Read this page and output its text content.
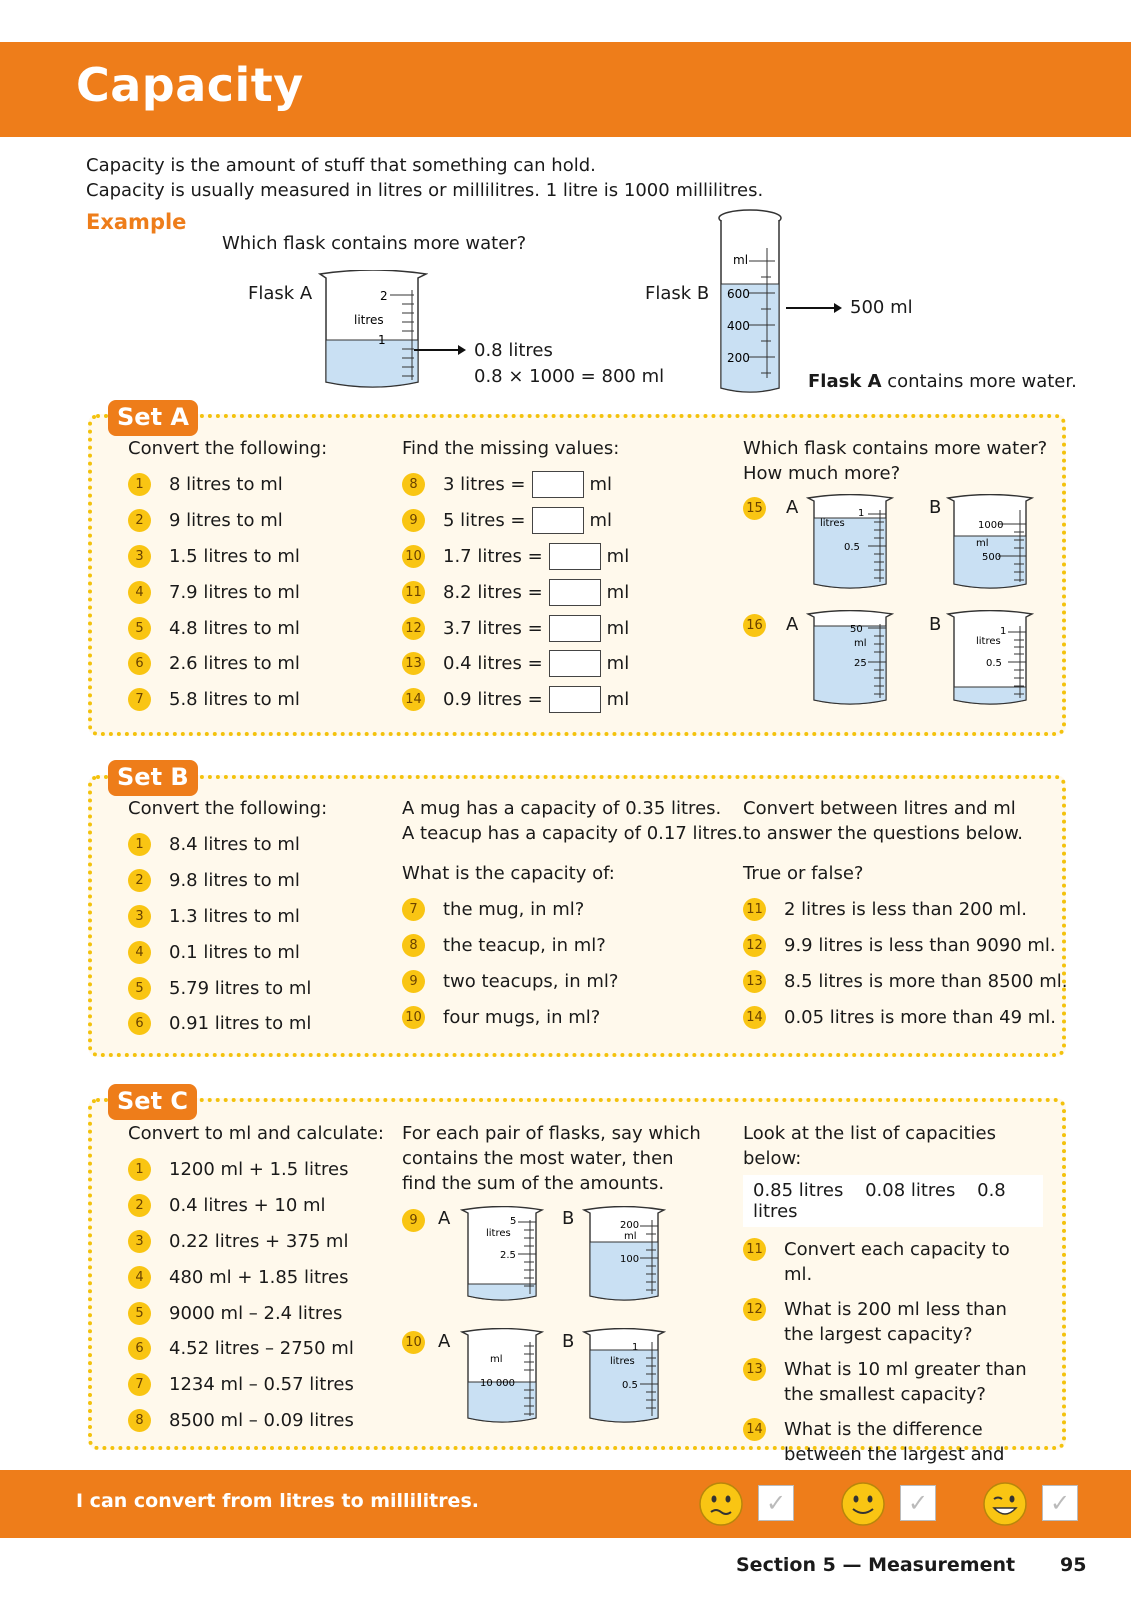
Capacity
Capacity is the amount of stuff that something can hold.
Capacity is usually measured in litres or millilitres. 1 litre is 1000 millilitres.
Example
Which flask contains more water?
Flask A	2
litres
1	0.8 litres
0.8 × 1000 = 800 ml
Flask B
ml
600
400
200
500 ml
Flask A contains more water.
Set A
Convert the following:
1	8 litres to ml
2	9 litres to ml
3	1.5 litres to ml
4	7.9 litres to ml
5	4.8 litres to ml
6	2.6 litres to ml
7	5.8 litres to ml
Find the missing values:
8	3 litres =	ml
9	5 litres =	ml
10 1.7 litres =	ml
11 8.2 litres =	ml
12 3.7 litres =	ml
13 0.4 litres =	ml
14 0.9 litres =	ml
Which flask contains more water?
How much more?
15 A	B
1
litres
0.5
1000
ml
500
16 A	B
50
ml
25
1
litres
0.5
Set B
Convert the following:
1	8.4 litres to ml
2	9.8 litres to ml
3	1.3 litres to ml
4	0.1 litres to ml
5	5.79 litres to ml
6	0.91 litres to ml
A mug has a capacity of 0.35 litres.
A teacup has a capacity of 0.17 litres.
What is the capacity of:
7	the mug, in ml?
8	the teacup, in ml?
9	two teacups, in ml?
10 four mugs, in ml?
Convert between litres and ml
to answer the questions below.
True or false?
11 2 litres is less than 200 ml.
12 9.9 litres is less than 9090 ml.
13 8.5 litres is more than 8500 ml.
14 0.05 litres is more than 49 ml.
Set C
Convert to ml and calculate:
1	1200 ml + 1.5 litres
2	0.4 litres + 10 ml
3	0.22 litres + 375 ml
4	480 ml + 1.85 litres
5	9000 ml – 2.4 litres
6	4.52 litres – 2750 ml
7	1234 ml – 0.57 litres
8	8500 ml – 0.09 litres
For each pair of flasks, say which
contains the most water, then
find the sum of the amounts.
9	A	B
5
litres
2.5
200
ml
100
10 A	B
ml
10 000
1
litres
0.5
Look at the list of capacities below:
0.85 litres 0.08 litres 0.8 litres
11 Convert each capacity to ml.
12 What is 200 ml less than
the largest capacity?
13 What is 10 ml greater than
the smallest capacity?
14 What is the difference
between the largest and
I can convert from litres to millilitres.	✓	✓	✓
Section 5 — Measurement 95
